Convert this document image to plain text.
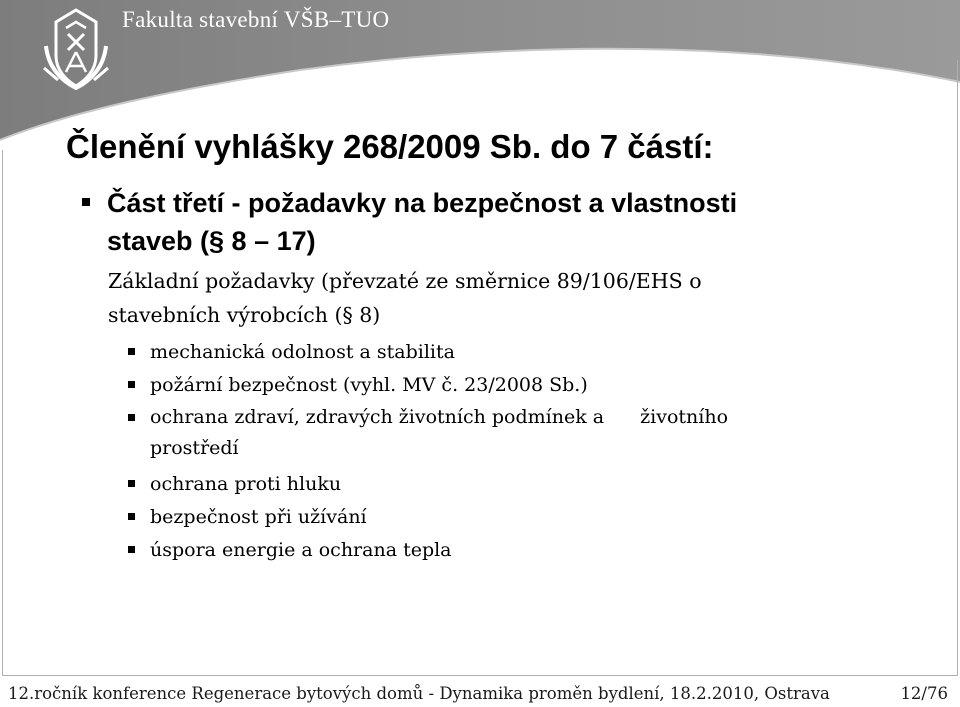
Fakulta stavební VŠB–TUO
Členění vyhlášky 268/2009 Sb. do 7 částí:
Část třetí - požadavky na bezpečnost a vlastnosti
staveb (§ 8 – 17)
Základní požadavky (převzaté ze směrnice 89/106/EHS o
stavebních výrobcích (§ 8)
mechanická odolnost a stabilita
požární bezpečnost (vyhl. MV č. 23/2008 Sb.)
ochrana zdraví, zdravých životních podmínek a životního
prostředí
ochrana proti hluku
bezpečnost při užívání
úspora energie a ochrana tepla
12.ročník konference Regenerace bytových domů - Dynamika proměn bydlení, 18.2.2010, Ostrava	12/76
